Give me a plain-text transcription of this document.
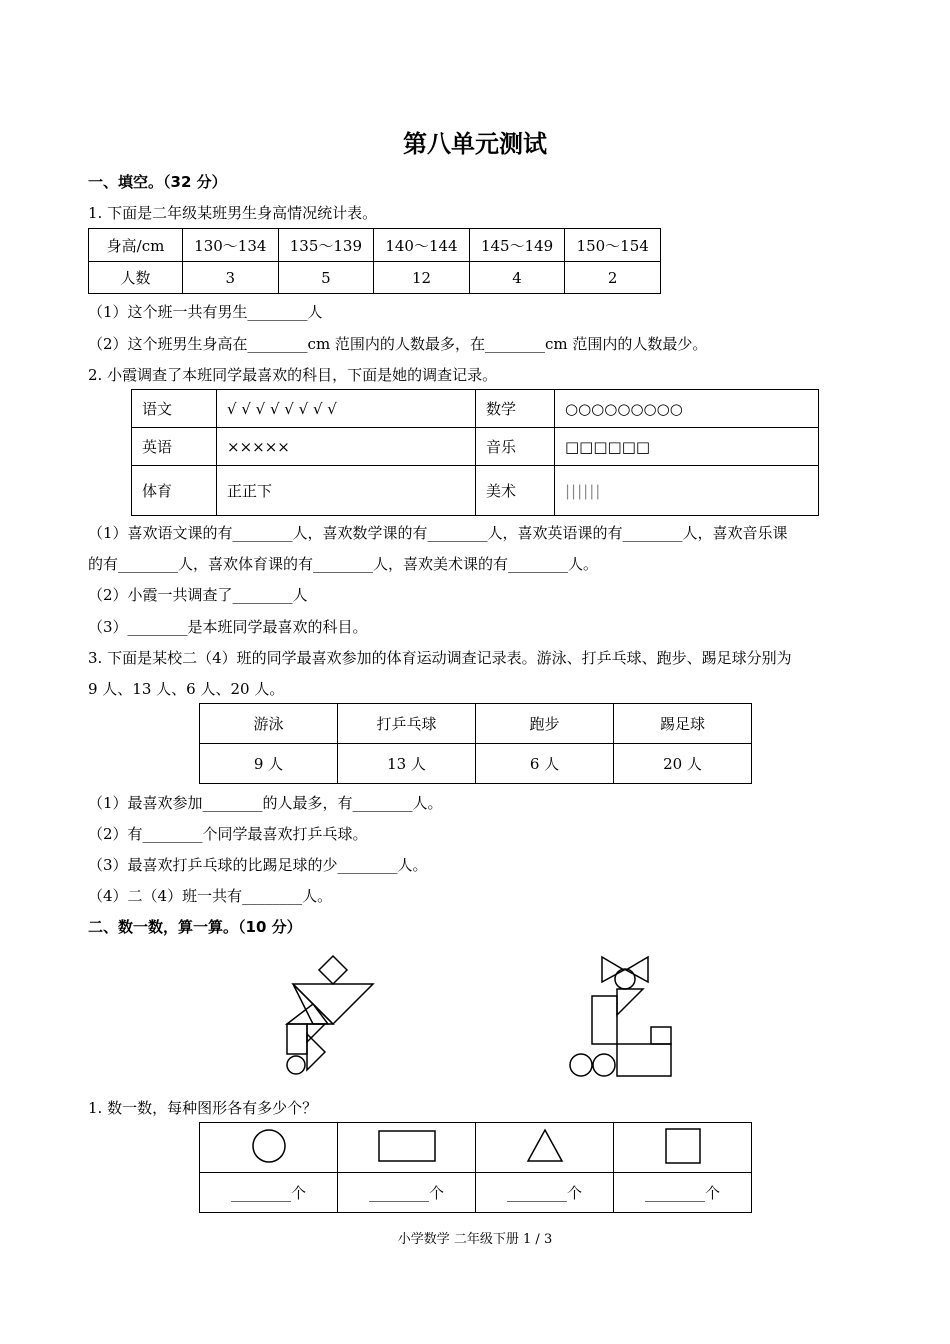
第八单元测试
一、填空。（32 分）
1. 下面是二年级某班男生身高情况统计表。
身高/cm	130～134	135～139	140～144	145～149	150～154
人数	3	5	12	4	2
（1）这个班一共有男生________人
（2）这个班男生身高在________cm 范围内的人数最多，在________cm 范围内的人数最少。
2. 小霞调查了本班同学最喜欢的科目，下面是她的调查记录。
语文	√ √ √ √ √ √ √ √	数学	○○○○○○○○○
英语	×××××	音乐	□□□□□□
体育	正正下	美术	||||||
（1）喜欢语文课的有________人，喜欢数学课的有________人，喜欢英语课的有________人，喜欢音乐课
的有________人，喜欢体育课的有________人，喜欢美术课的有________人。
（2）小霞一共调查了________人
（3）________是本班同学最喜欢的科目。
3. 下面是某校二（4）班的同学最喜欢参加的体育运动调查记录表。游泳、打乒乓球、跑步、踢足球分别为
9 人、13 人、6 人、20 人。
游泳	打乒乓球	跑步	踢足球
9 人	13 人	6 人	20 人
（1）最喜欢参加________的人最多，有________人。
（2）有________个同学最喜欢打乒乓球。
（3）最喜欢打乒乓球的比踢足球的少________人。
（4）二（4）班一共有________人。
二、数一数，算一算。（10 分）
1. 数一数，每种图形各有多少个？

________个	________个	________个	________个
小学数学 二年级下册 1 / 3
